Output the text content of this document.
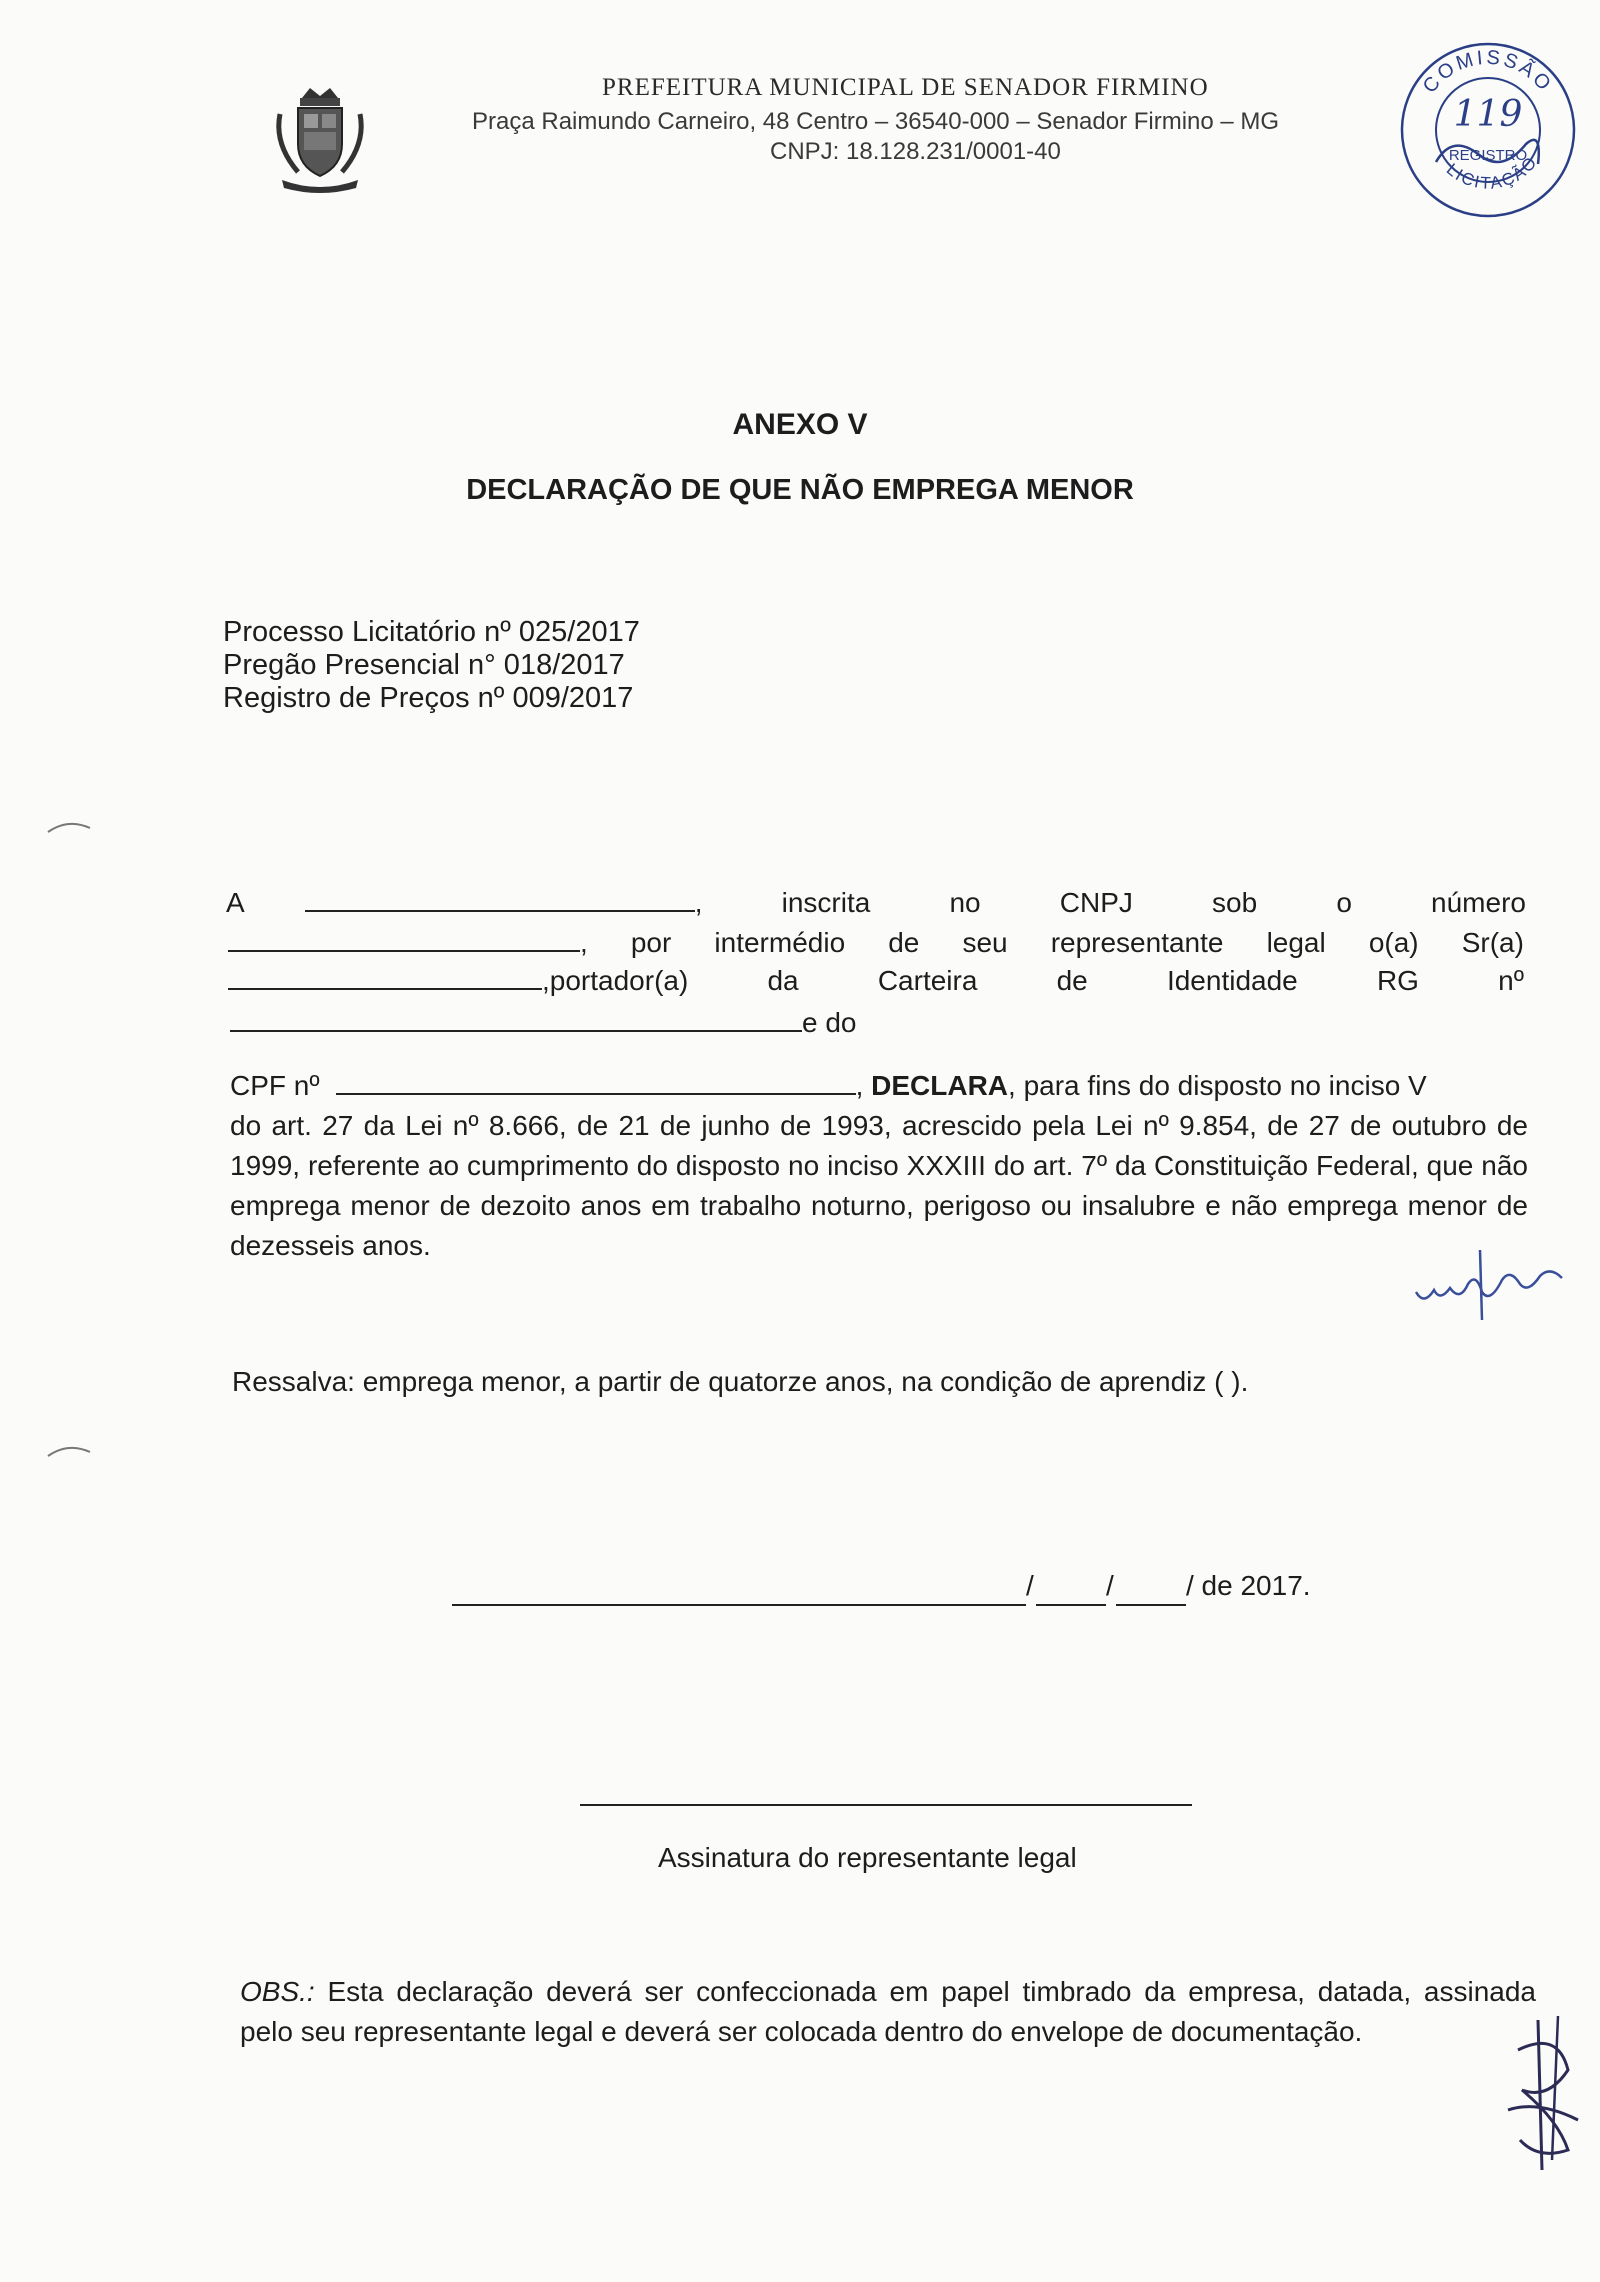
PREFEITURA MUNICIPAL DE SENADOR FIRMINO
Praça Raimundo Carneiro, 48 Centro – 36540-000 – Senador Firmino – MG
CNPJ: 18.128.231/0001-40
COMISSÃO
LICITAÇÃO
119
REGISTRO
ANEXO V
DECLARAÇÃO DE QUE NÃO EMPREGA MENOR
Processo Licitatório nº 025/2017
Pregão Presencial n° 018/2017
Registro de Preços nº 009/2017
A	,	inscrita	no	CNPJ	sob	o	número
, por intermédio de seu representante legal o(a) Sr(a)
,portador(a)	da	Carteira	de	Identidade	RG	nº
e do
CPF nº	, DECLARA, para fins do disposto no inciso V
do art. 27 da Lei nº 8.666, de 21 de junho de 1993, acrescido pela Lei nº 9.854, de 27 de outubro de 1999, referente ao cumprimento do disposto no inciso XXXIII do art. 7º da Constituição Federal, que não emprega menor de dezoito anos em trabalho noturno, perigoso ou insalubre e não emprega menor de dezesseis anos.
Ressalva: emprega menor, a partir de quatorze anos, na condição de aprendiz ( ).
/	/	/ de 2017.
Assinatura do representante legal
OBS.: Esta declaração deverá ser confeccionada em papel timbrado da empresa, datada, assinada pelo seu representante legal e deverá ser colocada dentro do envelope de documentação.
